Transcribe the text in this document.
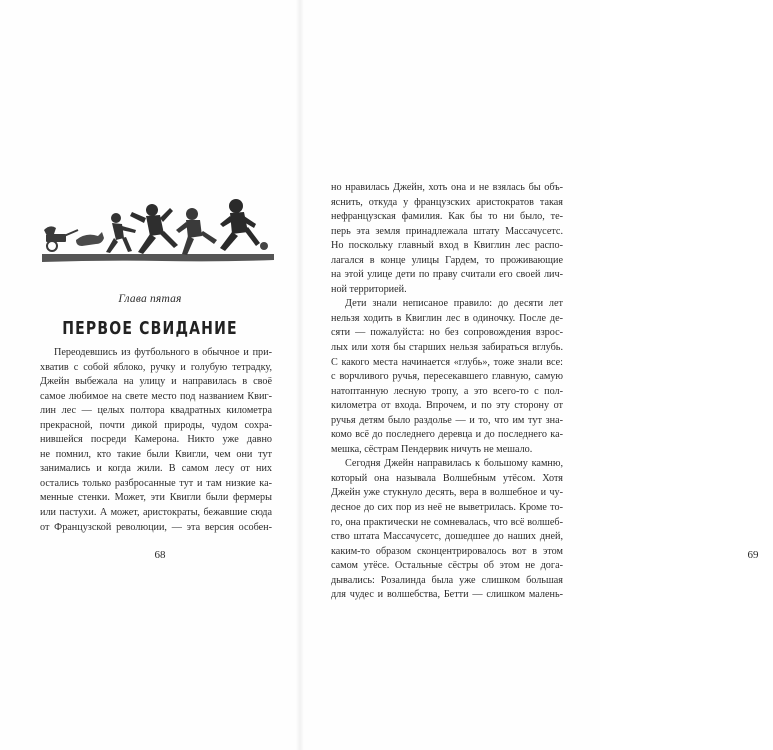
Глава пятая
ПЕРВОЕ СВИДАНИЕ
Переодевшись из футбольного в обычное и при-
хватив с собой яблоко, ручку и голубую тетрадку,
Джейн выбежала на улицу и направилась в своё
самое любимое на свете место под названием Квиг-
лин лес — целых полтора квадратных километра
прекрасной, почти дикой природы, чудом сохра-
нившейся посреди Камерона. Никто уже давно
не помнил, кто такие были Квигли, чем они тут
занимались и когда жили. В самом лесу от них
остались только разбросанные тут и там низкие ка-
менные стенки. Может, эти Квигли были фермеры
или пастухи. А может, аристократы, бежавшие сюда
от Французской революции, — эта версия особен-
68	69
но нравилась Джейн, хоть она и не взялась бы объ-
яснить, откуда у французских аристократов такая
нефранцузская фамилия. Как бы то ни было, те-
перь эта земля принадлежала штату Массачусетс.
Но поскольку главный вход в Квиглин лес распо-
лагался в конце улицы Гардем, то проживающие
на этой улице дети по праву считали его своей лич-
ной территорией.
Дети знали неписаное правило: до десяти лет
нельзя ходить в Квиглин лес в одиночку. После де-
сяти — пожалуйста: но без сопровождения взрос-
лых или хотя бы старших нельзя забираться вглубь.
С какого места начинается «глубь», тоже знали все:
с ворчливого ручья, пересекавшего главную, самую
натоптанную лесную тропу, а это всего-то с пол-
километра от входа. Впрочем, и по эту сторону от
ручья детям было раздолье — и то, что им тут зна-
комо всё до последнего деревца и до последнего ка-
мешка, сёстрам Пендервик ничуть не мешало.
Сегодня Джейн направилась к большому камню,
который она называла Волшебным утёсом. Хотя
Джейн уже стукнуло десять, вера в волшебное и чу-
десное до сих пор из неё не выветрилась. Кроме то-
го, она практически не сомневалась, что всё волшеб-
ство штата Массачусетс, дошедшее до наших дней,
каким-то образом сконцентрировалось вот в этом
самом утёсе. Остальные сёстры об этом не дога-
дывались: Розалинда была уже слишком большая
для чудес и волшебства, Бетти — слишком малень-
